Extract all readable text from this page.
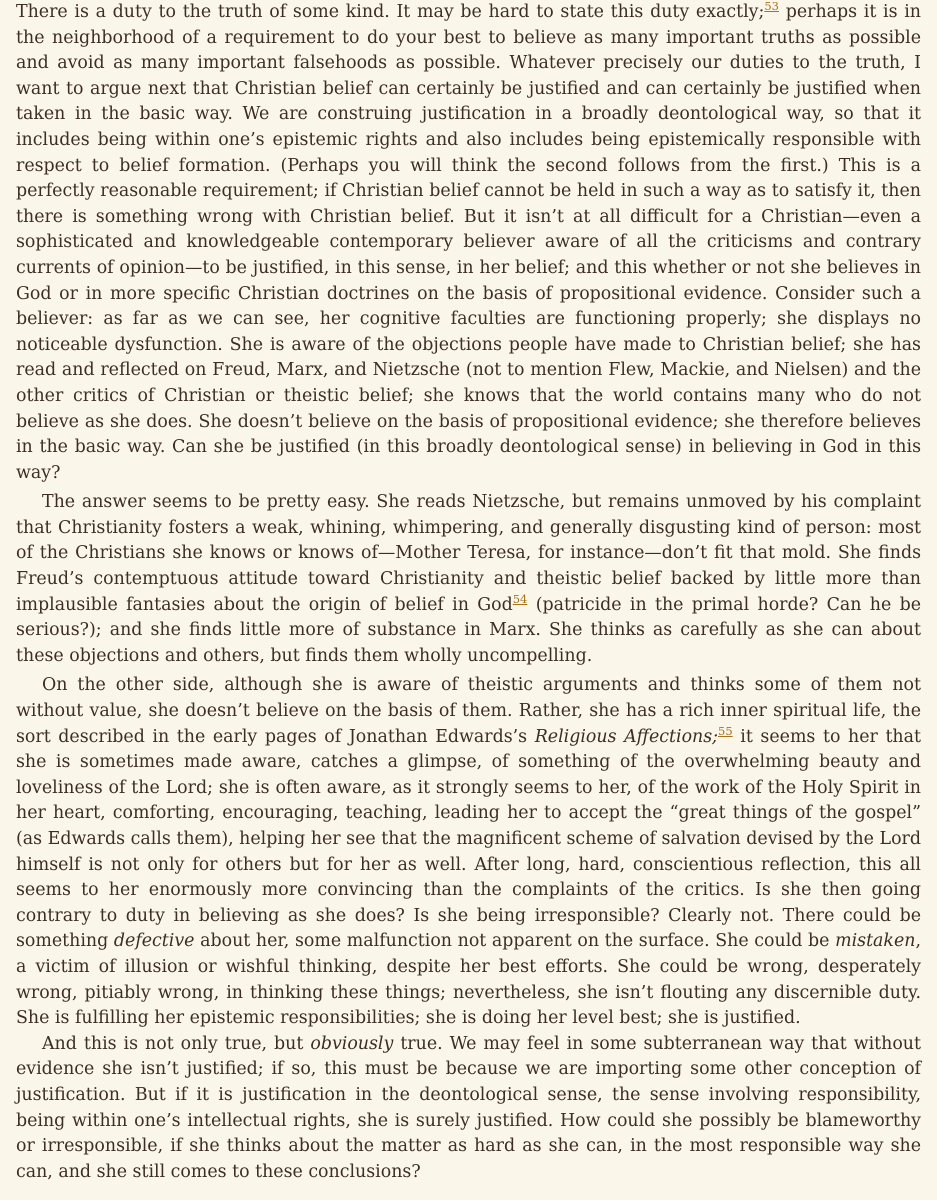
There is a duty to the truth of some kind. It may be hard to state this duty exactly;$^{53}$ perhaps it is in the neighborhood of a requirement to do your best to believe as many important truths as possible and avoid as many important falsehoods as possible. Whatever precisely our duties to the truth, I want to argue next that Christian belief can certainly be justified and can certainly be justified when taken in the basic way. We are construing justification in a broadly deontological way, so that it includes being within one’s epistemic rights and also includes being epistemically responsible with respect to belief formation. (Perhaps you will think the second follows from the first.) This is a perfectly reasonable requirement; if Christian belief cannot be held in such a way as to satisfy it, then there is something wrong with Christian belief. But it isn’t at all difficult for a Christian—even a sophisticated and knowledgeable contemporary believer aware of all the criticisms and contrary currents of opinion—to be justified, in this sense, in her belief; and this whether or not she believes in God or in more specific Christian doctrines on the basis of propositional evidence. Consider such a believer: as far as we can see, her cognitive faculties are functioning properly; she displays no noticeable dysfunction. She is aware of the objections people have made to Christian belief; she has read and reflected on Freud, Marx, and Nietzsche (not to mention Flew, Mackie, and Nielsen) and the other critics of Christian or theistic belief; she knows that the world contains many who do not believe as she does. She doesn’t believe on the basis of propositional evidence; she therefore believes in the basic way. Can she be justified (in this broadly deontological sense) in believing in God in this way?

The answer seems to be pretty easy. She reads Nietzsche, but remains unmoved by his complaint that Christianity fosters a weak, whining, whimpering, and generally disgusting kind of person: most of the Christians she knows or knows of—Mother Teresa, for instance—don’t fit that mold. She finds Freud’s contemptuous attitude toward Christianity and theistic belief backed by little more than implausible fantasies about the origin of belief in God$^{54}$ (patricide in the primal horde? Can he be serious?); and she finds little more of substance in Marx. She thinks as carefully as she can about these objections and others, but finds them wholly uncompelling.

On the other side, although she is aware of theistic arguments and thinks some of them not without value, she doesn’t believe on the basis of them. Rather, she has a rich inner spiritual life, the sort described in the early pages of Jonathan Edwards’s Religious Affections;$^{55}$ it seems to her that she is sometimes made aware, catches a glimpse, of something of the overwhelming beauty and loveliness of the Lord; she is often aware, as it strongly seems to her, of the work of the Holy Spirit in her heart, comforting, encouraging, teaching, leading her to accept the “great things of the gospel” (as Edwards calls them), helping her see that the magnificent scheme of salvation devised by the Lord himself is not only for others but for her as well. After long, hard, conscientious reflection, this all seems to her enormously more convincing than the complaints of the critics. Is she then going contrary to duty in believing as she does? Is she being irresponsible? Clearly not. There could be something defective about her, some malfunction not apparent on the surface. She could be mistaken, a victim of illusion or wishful thinking, despite her best efforts. She could be wrong, desperately wrong, pitiably wrong, in thinking these things; nevertheless, she isn’t flouting any discernible duty. She is fulfilling her epistemic responsibilities; she is doing her level best; she is justified.

And this is not only true, but obviously true. We may feel in some subterranean way that without evidence she isn’t justified; if so, this must be because we are importing some other conception of justification. But if it is justification in the deontological sense, the sense involving responsibility, being within one’s intellectual rights, she is surely justified. How could she possibly be blameworthy or irresponsible, if she thinks about the matter as hard as she can, in the most responsible way she can, and she still comes to these conclusions?
